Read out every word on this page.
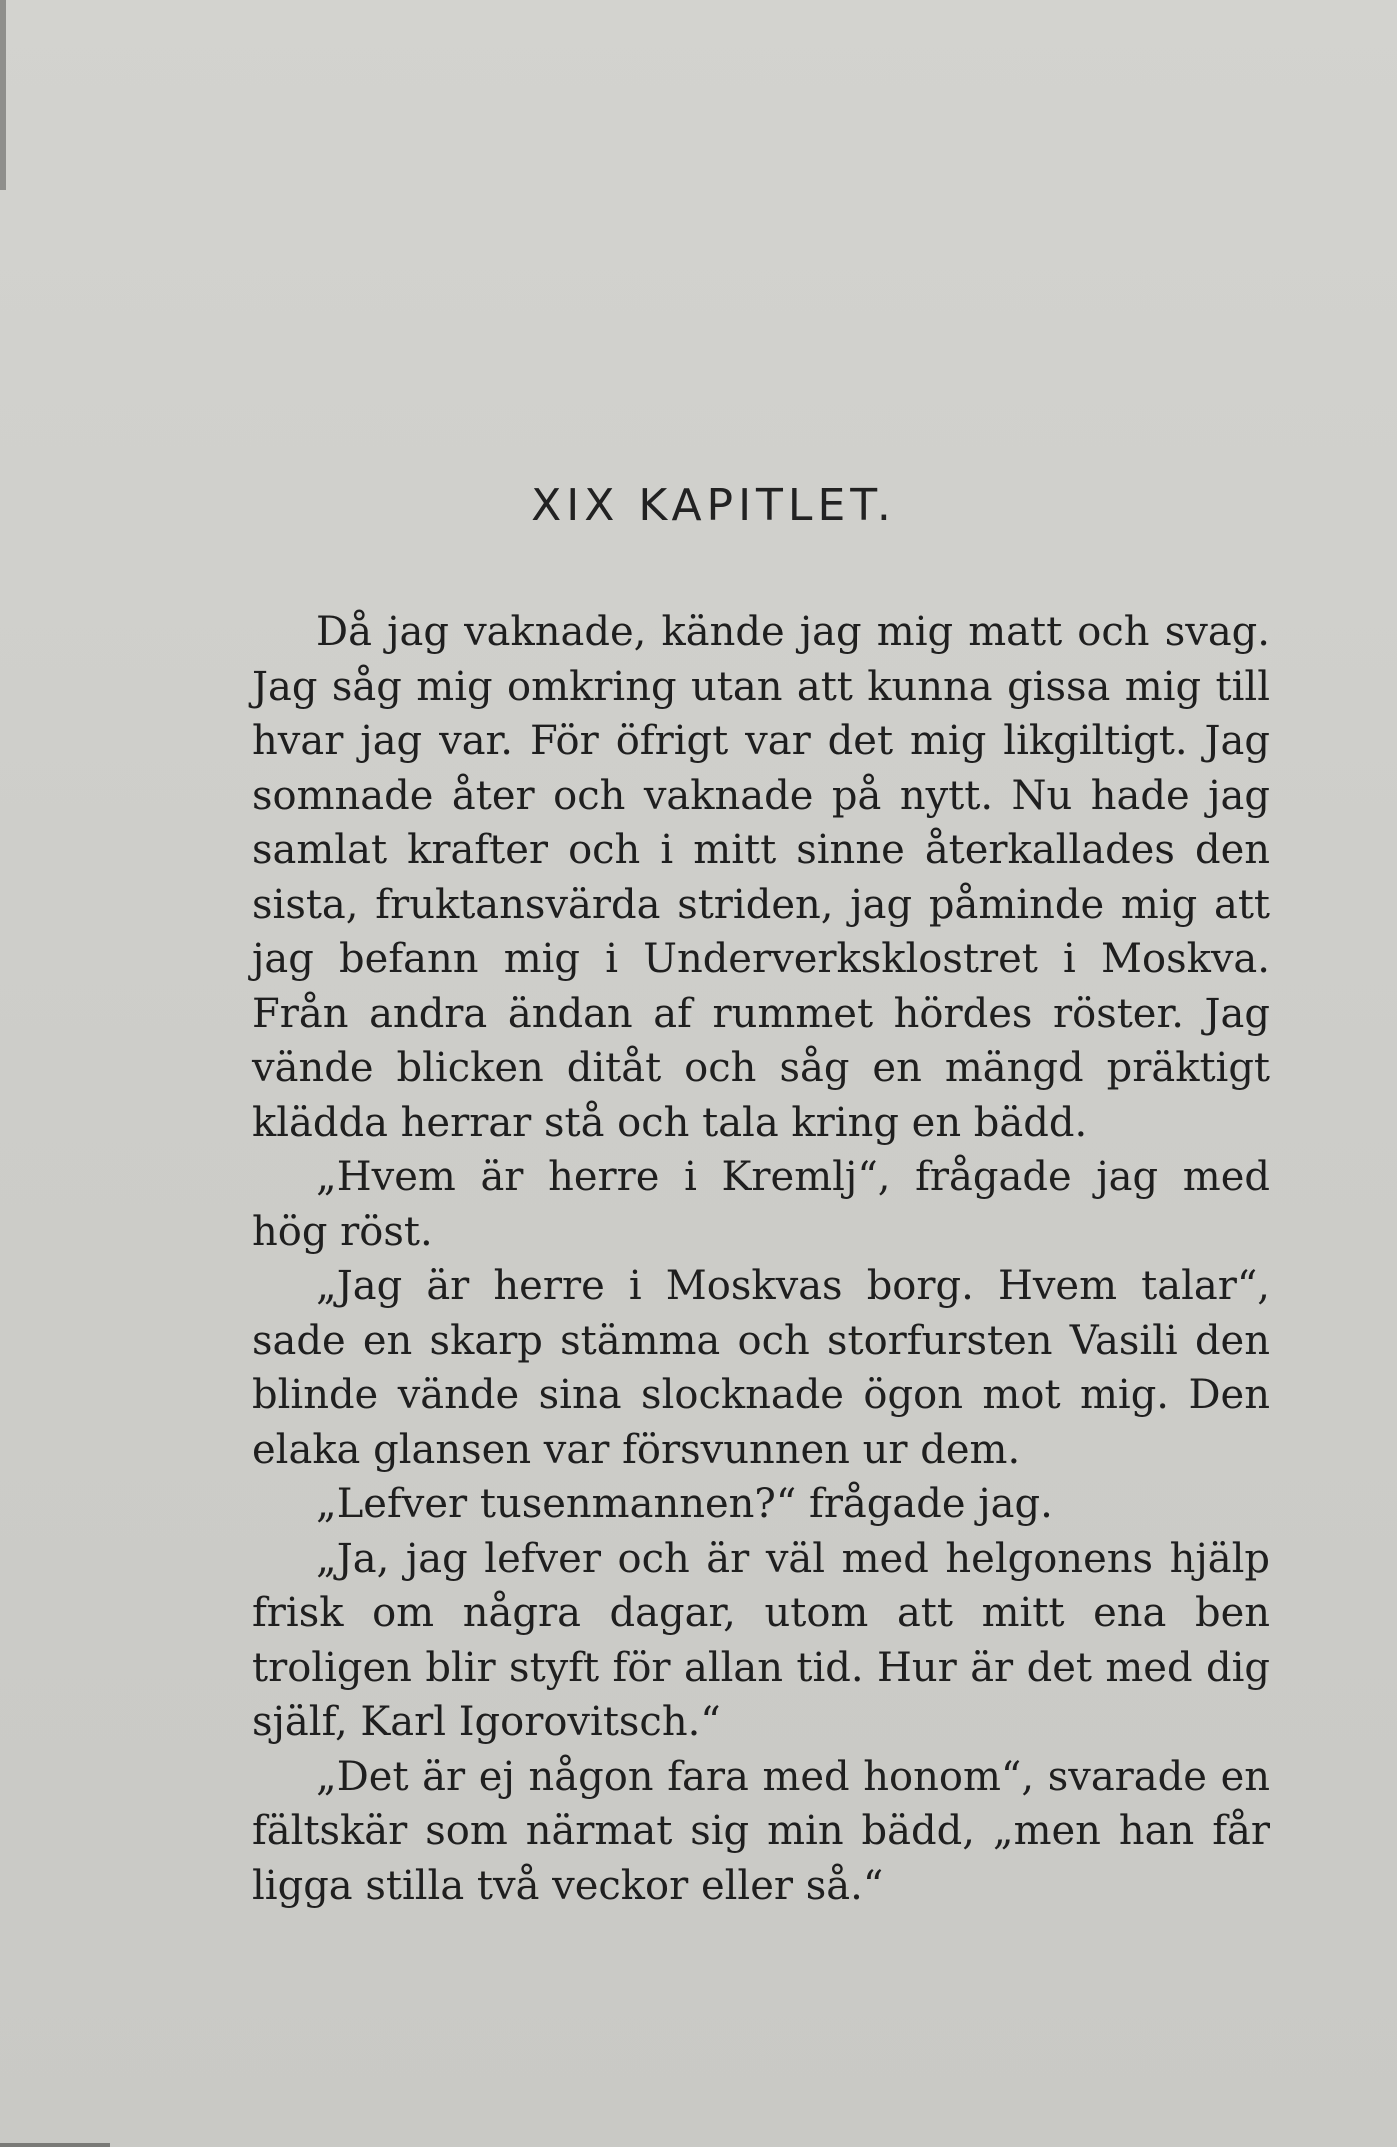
XIX KAPITLET.

Då jag vaknade, kände jag mig matt och svag. Jag såg mig omkring utan att kunna gissa mig till hvar jag var. För öfrigt var det mig likgiltigt. Jag somnade åter och vaknade på nytt. Nu hade jag samlat krafter och i mitt sinne återkallades den sista, fruktansvärda striden, jag påminde mig att jag befann mig i Underverksklostret i Moskva. Från andra ändan af rummet hördes röster. Jag vände blicken ditåt och såg en mängd präktigt klädda herrar stå och tala kring en bädd.

„Hvem är herre i Kremlj“, frågade jag med hög röst.

„Jag är herre i Moskvas borg. Hvem talar“, sade en skarp stämma och storfursten Vasili den blinde vände sina slocknade ögon mot mig. Den elaka glansen var försvunnen ur dem.

„Lefver tusenmannen?“ frågade jag.

„Ja, jag lefver och är väl med helgonens hjälp frisk om några dagar, utom att mitt ena ben troligen blir styft för allan tid. Hur är det med dig själf, Karl Igorovitsch.“

„Det är ej någon fara med honom“, svarade en fältskär som närmat sig min bädd, „men han får ligga stilla två veckor eller så.“
